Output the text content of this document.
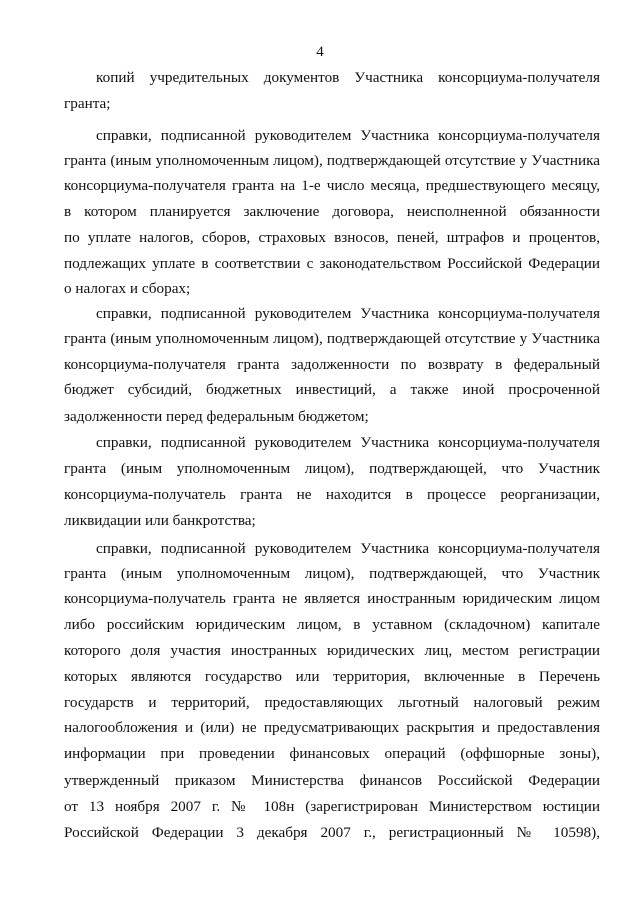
4
копий учредительных документов Участника консорциума-получателя
гранта;
справки, подписанной руководителем Участника консорциума-получателя
гранта (иным уполномоченным лицом), подтверждающей отсутствие у Участника
консорциума-получателя гранта на 1-е число месяца, предшествующего месяцу,
в котором планируется заключение договора, неисполненной обязанности
по уплате налогов, сборов, страховых взносов, пеней, штрафов и процентов,
подлежащих уплате в соответствии с законодательством Российской Федерации
о налогах и сборах;
справки, подписанной руководителем Участника консорциума-получателя
гранта (иным уполномоченным лицом), подтверждающей отсутствие у Участника
консорциума-получателя гранта задолженности по возврату в федеральный
бюджет субсидий, бюджетных инвестиций, а также иной просроченной
задолженности перед федеральным бюджетом;
справки, подписанной руководителем Участника консорциума-получателя
гранта (иным уполномоченным лицом), подтверждающей, что Участник
консорциума-получатель гранта не находится в процессе реорганизации,
ликвидации или банкротства;
справки, подписанной руководителем Участника консорциума-получателя
гранта (иным уполномоченным лицом), подтверждающей, что Участник
консорциума-получатель гранта не является иностранным юридическим лицом
либо российским юридическим лицом, в уставном (складочном) капитале
которого доля участия иностранных юридических лиц, местом регистрации
которых являются государство или территория, включенные в Перечень
государств и территорий, предоставляющих льготный налоговый режим
налогообложения и (или) не предусматривающих раскрытия и предоставления
информации при проведении финансовых операций (оффшорные зоны),
утвержденный приказом Министерства финансов Российской Федерации
от 13 ноября 2007 г. № 108н (зарегистрирован Министерством юстиции
Российской Федерации 3 декабря 2007 г., регистрационный № 10598),
